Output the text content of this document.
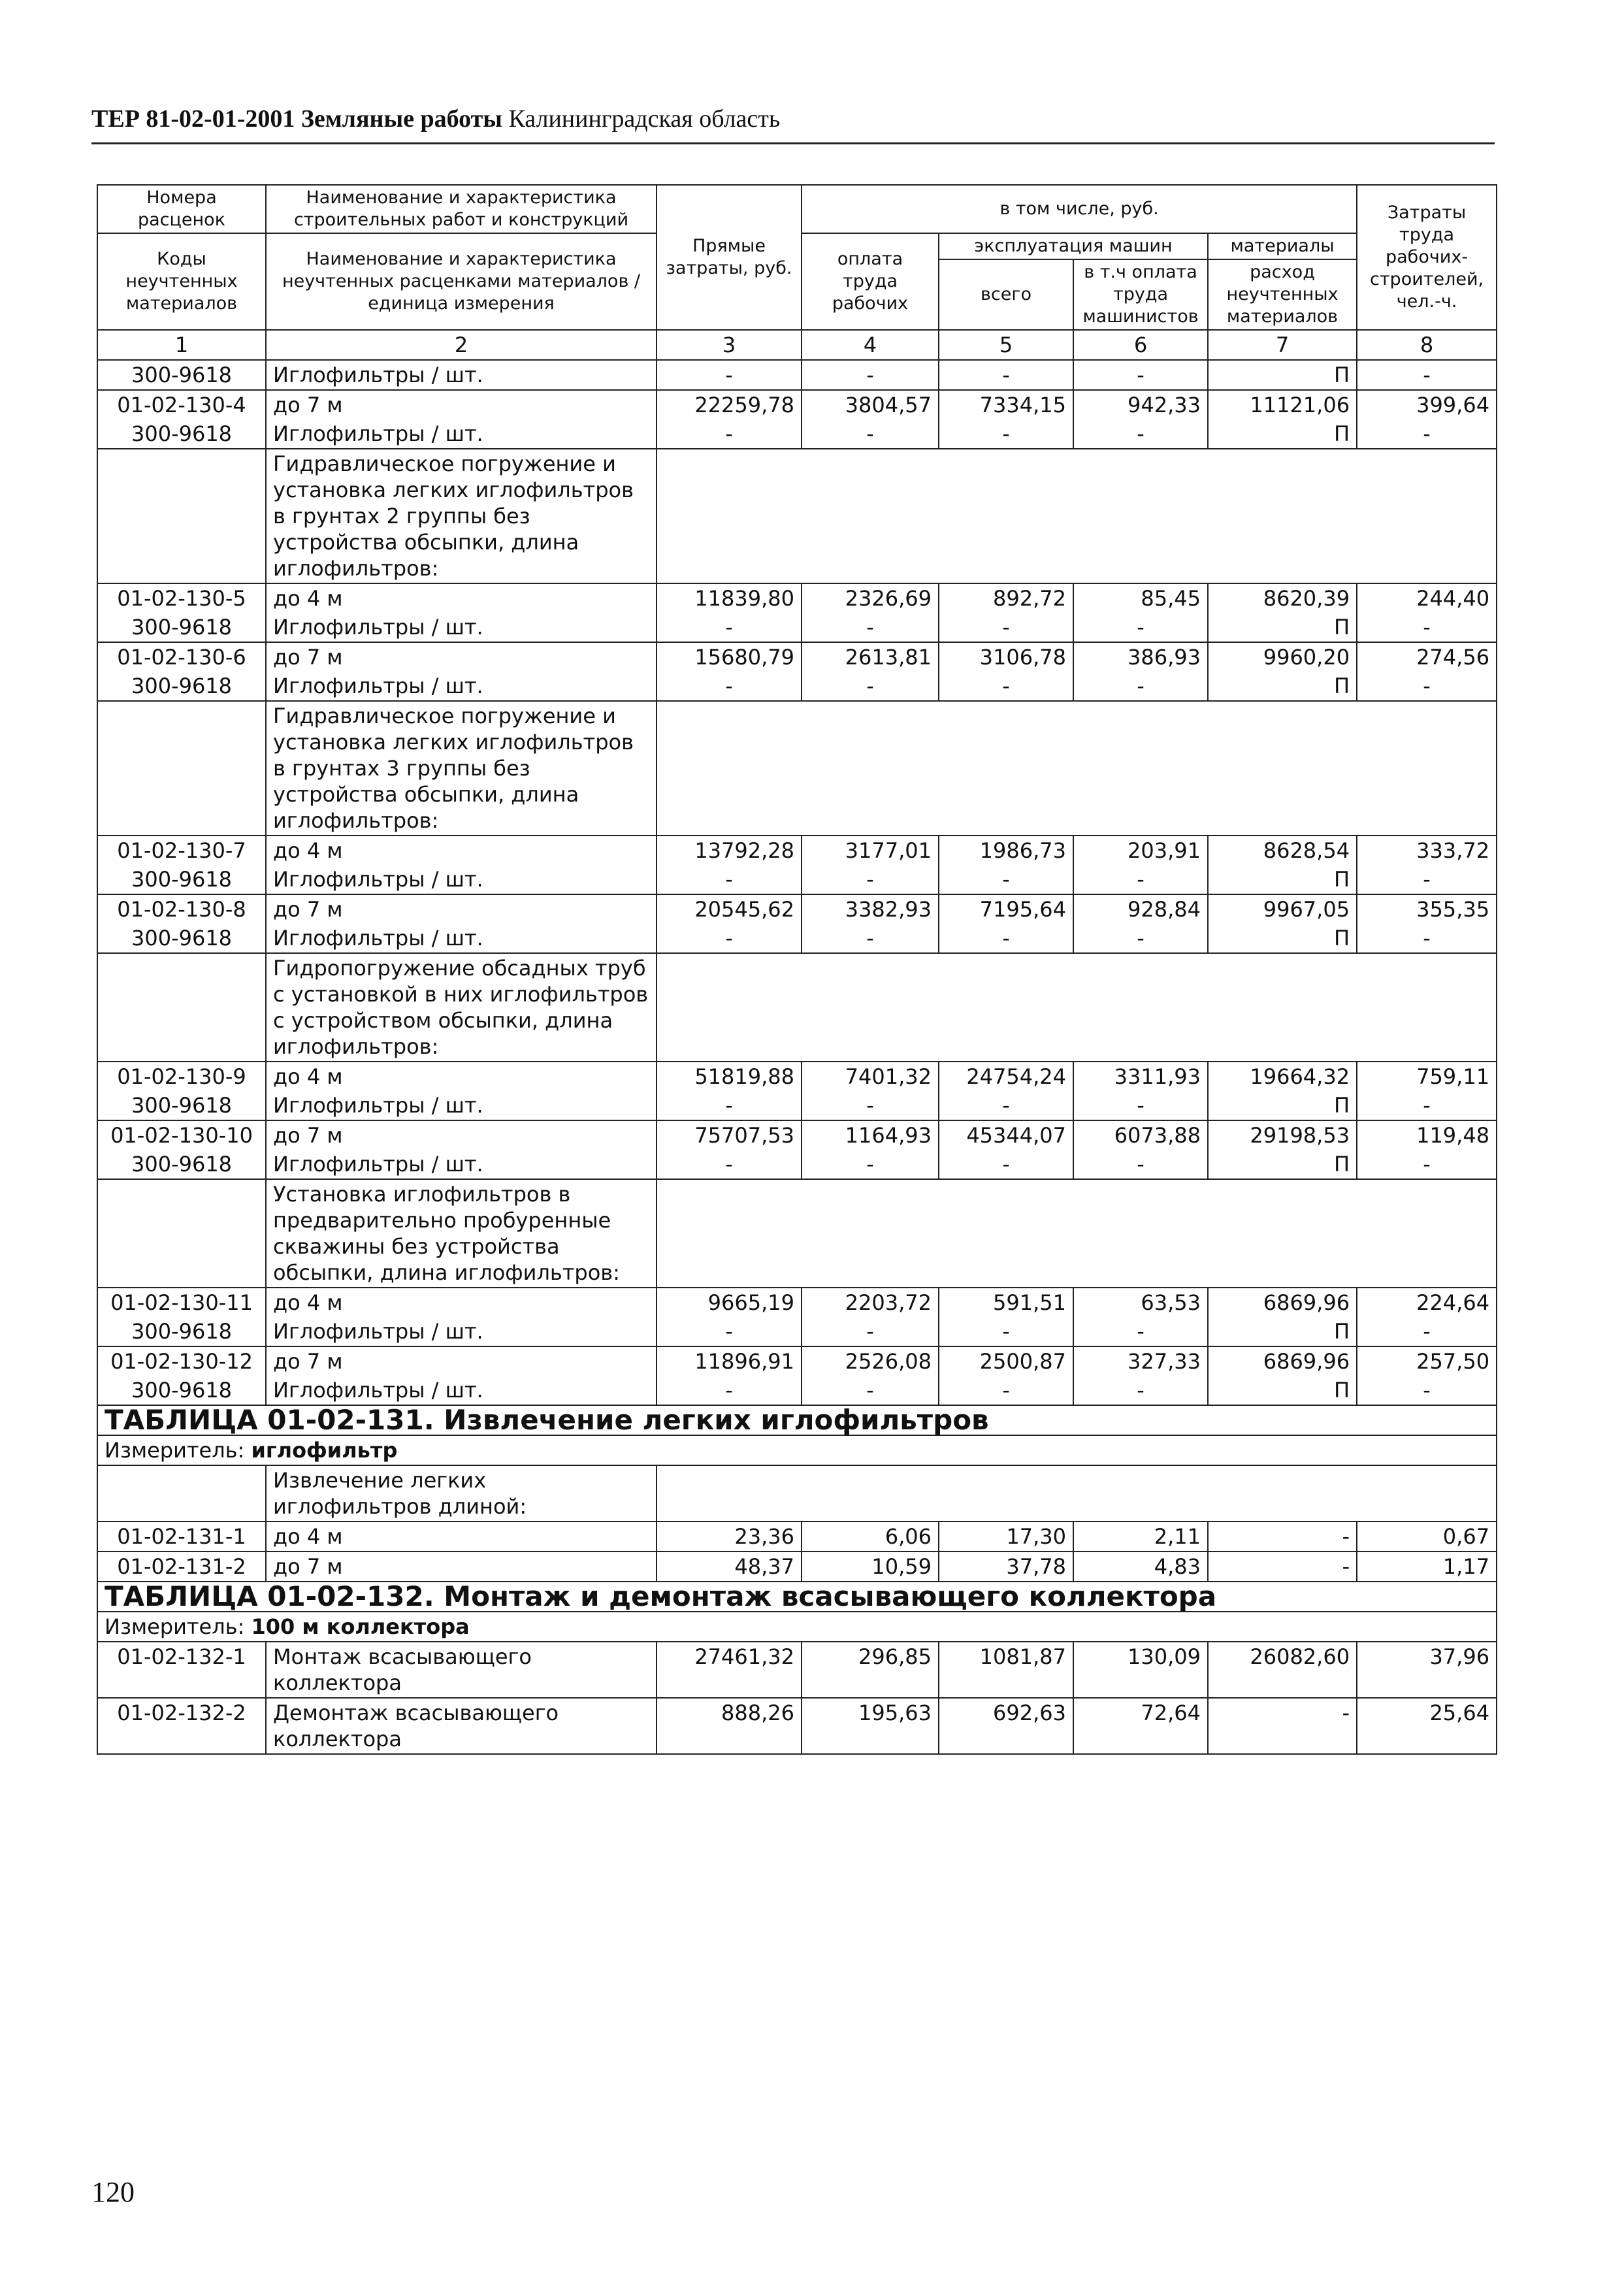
ТЕР 81-02-01-2001 Земляные работы Калининградская область
Номера расценок	Наименование и характеристика строительных работ и конструкций	Прямые затраты, руб.	в том числе, руб.				Затраты труда рабочих-строителей, чел.-ч.
Коды неучтенных материалов	Наименование и характеристика неучтенных расценками материалов / единица измерения		оплата труда рабочих	эксплуатация машин		материалы	
				всего	в т.ч оплата труда машинистов	расход неучтенных материалов	
1	2	3	4	5	6	7	8
300-9618	Иглофильтры / шт.	-	-	-	-	П	-
01-02-130-4	до 7 м	22259,78	3804,57	7334,15	942,33	11121,06	399,64
300-9618	Иглофильтры / шт.	-	-	-	-	П	-
	Гидравлическое погружение и установка легких иглофильтров в грунтах 2 группы без устройства обсыпки, длина иглофильтров:						
01-02-130-5	до 4 м	11839,80	2326,69	892,72	85,45	8620,39	244,40
300-9618	Иглофильтры / шт.	-	-	-	-	П	-
01-02-130-6	до 7 м	15680,79	2613,81	3106,78	386,93	9960,20	274,56
300-9618	Иглофильтры / шт.	-	-	-	-	П	-
	Гидравлическое погружение и установка легких иглофильтров в грунтах 3 группы без устройства обсыпки, длина иглофильтров:						
01-02-130-7	до 4 м	13792,28	3177,01	1986,73	203,91	8628,54	333,72
300-9618	Иглофильтры / шт.	-	-	-	-	П	-
01-02-130-8	до 7 м	20545,62	3382,93	7195,64	928,84	9967,05	355,35
300-9618	Иглофильтры / шт.	-	-	-	-	П	-
	Гидропогружение обсадных труб с установкой в них иглофильтров с устройством обсыпки, длина иглофильтров:						
01-02-130-9	до 4 м	51819,88	7401,32	24754,24	3311,93	19664,32	759,11
300-9618	Иглофильтры / шт.	-	-	-	-	П	-
01-02-130-10	до 7 м	75707,53	1164,93	45344,07	6073,88	29198,53	119,48
300-9618	Иглофильтры / шт.	-	-	-	-	П	-
	Установка иглофильтров в предварительно пробуренные скважины без устройства обсыпки, длина иглофильтров:						
01-02-130-11	до 4 м	9665,19	2203,72	591,51	63,53	6869,96	224,64
300-9618	Иглофильтры / шт.	-	-	-	-	П	-
01-02-130-12	до 7 м	11896,91	2526,08	2500,87	327,33	6869,96	257,50
300-9618	Иглофильтры / шт.	-	-	-	-	П	-
ТАБЛИЦА 01-02-131. Извлечение легких иглофильтров							
Измеритель: иглофильтр							
	Извлечение легких иглофильтров длиной:						
01-02-131-1	до 4 м	23,36	6,06	17,30	2,11	-	0,67
01-02-131-2	до 7 м	48,37	10,59	37,78	4,83	-	1,17
ТАБЛИЦА 01-02-132. Монтаж и демонтаж всасывающего коллектора							
Измеритель: 100 м коллектора							
01-02-132-1	Монтаж всасывающего коллектора	27461,32	296,85	1081,87	130,09	26082,60	37,96
01-02-132-2	Демонтаж всасывающего коллектора	888,26	195,63	692,63	72,64	-	25,64
120
